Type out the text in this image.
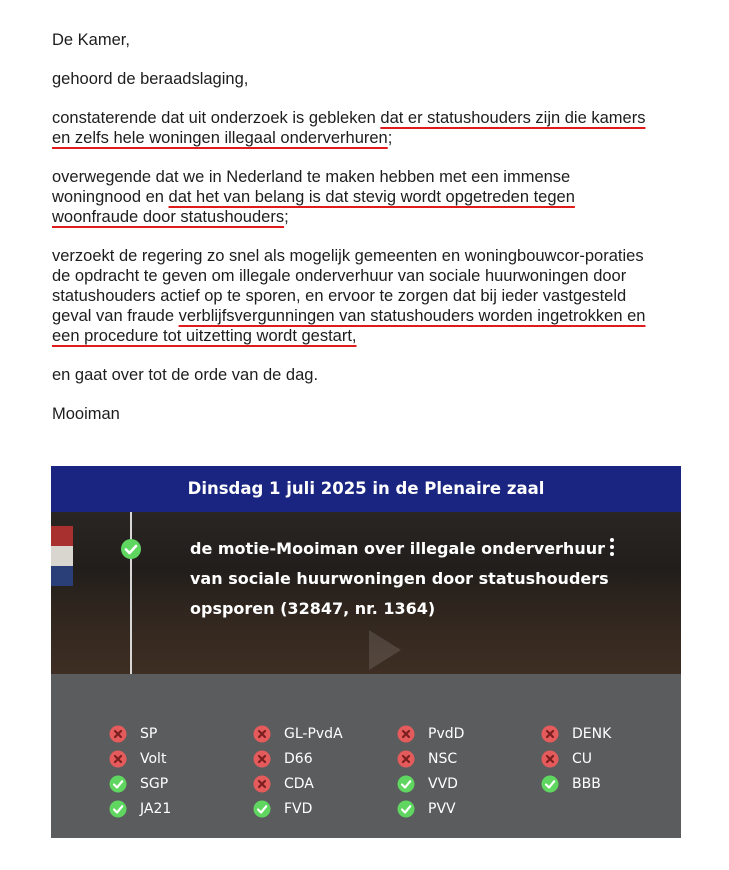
De Kamer,

gehoord de beraadslaging,

constaterende dat uit onderzoek is gebleken dat er statushouders zijn die kamers en zelfs hele woningen illegaal onderverhuren;

overwegende dat we in Nederland te maken hebben met een immense woningnood en dat het van belang is dat stevig wordt opgetreden tegen woonfraude door statushouders;

verzoekt de regering zo snel als mogelijk gemeenten en woningbouwcor-poraties de opdracht te geven om illegale onderverhuur van sociale huurwoningen door statushouders actief op te sporen, en ervoor te zorgen dat bij ieder vastgesteld geval van fraude verblijfsvergunningen van statushouders worden ingetrokken en een procedure tot uitzetting wordt gestart,

en gaat over tot de orde van de dag.

Mooiman

Dinsdag 1 juli 2025 in de Plenaire zaal
de motie-Mooiman over illegale onderverhuur van sociale huurwoningen door statushouders opsporen (32847, nr. 1364)
SP	GL-PvdA	PvdD	DENK
Volt	D66	NSC	CU
SGP	CDA	VVD	BBB
JA21	FVD	PVV
